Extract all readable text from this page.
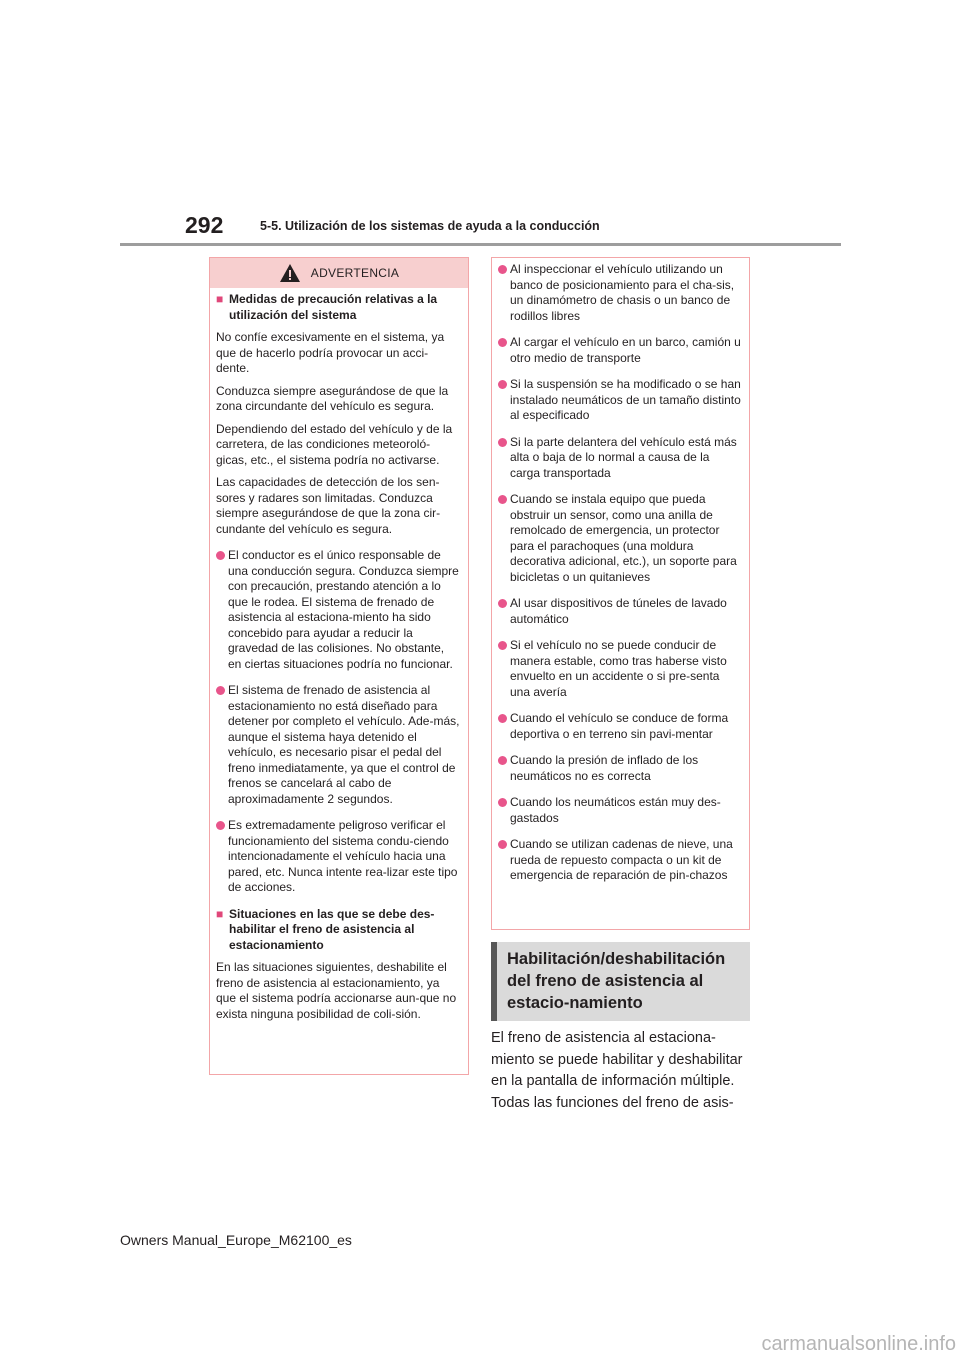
292	5-5. Utilización de los sistemas de ayuda a la conducción
ADVERTENCIA
■ Medidas de precaución relativas a la utilización del sistema

No confíe excesivamente en el sistema, ya que de hacerlo podría provocar un acci-dente.

Conduzca siempre asegurándose de que la zona circundante del vehículo es segura.

Dependiendo del estado del vehículo y de la carretera, de las condiciones meteoroló-gicas, etc., el sistema podría no activarse.

Las capacidades de detección de los sen-sores y radares son limitadas. Conduzca siempre asegurándose de que la zona cir-cundante del vehículo es segura.

El conductor es el único responsable de una conducción segura. Conduzca siempre con precaución, prestando atención a lo que le rodea. El sistema de frenado de asistencia al estaciona-miento ha sido concebido para ayudar a reducir la gravedad de las colisiones. No obstante, en ciertas situaciones podría no funcionar.
El sistema de frenado de asistencia al estacionamiento no está diseñado para detener por completo el vehículo. Ade-más, aunque el sistema haya detenido el vehículo, es necesario pisar el pedal del freno inmediatamente, ya que el control de frenos se cancelará al cabo de aproximadamente 2 segundos.
Es extremadamente peligroso verificar el funcionamiento del sistema condu-ciendo intencionadamente el vehículo hacia una pared, etc. Nunca intente rea-lizar este tipo de acciones.
■ Situaciones en las que se debe des-habilitar el freno de asistencia al estacionamiento

En las situaciones siguientes, deshabilite el freno de asistencia al estacionamiento, ya que el sistema podría accionarse aun-que no exista ninguna posibilidad de coli-sión.

Al inspeccionar el vehículo utilizando un banco de posicionamiento para el cha-sis, un dinamómetro de chasis o un banco de rodillos libres
Al cargar el vehículo en un barco, camión u otro medio de transporte
Si la suspensión se ha modificado o se han instalado neumáticos de un tamaño distinto al especificado
Si la parte delantera del vehículo está más alta o baja de lo normal a causa de la carga transportada
Cuando se instala equipo que pueda obstruir un sensor, como una anilla de remolcado de emergencia, un protector para el parachoques (una moldura decorativa adicional, etc.), un soporte para bicicletas o un quitanieves
Al usar dispositivos de túneles de lavado automático
Si el vehículo no se puede conducir de manera estable, como tras haberse visto envuelto en un accidente o si pre-senta una avería
Cuando el vehículo se conduce de forma deportiva o en terreno sin pavi-mentar
Cuando la presión de inflado de los neumáticos no es correcta
Cuando los neumáticos están muy des-gastados
Cuando se utilizan cadenas de nieve, una rueda de repuesto compacta o un kit de emergencia de reparación de pin-chazos
Habilitación/deshabilitación del freno de asistencia al estacio-namiento
El freno de asistencia al estaciona-miento se puede habilitar y deshabilitar en la pantalla de información múltiple. Todas las funciones del freno de asis-
Owners Manual_Europe_M62100_es
carmanualsonline.info
